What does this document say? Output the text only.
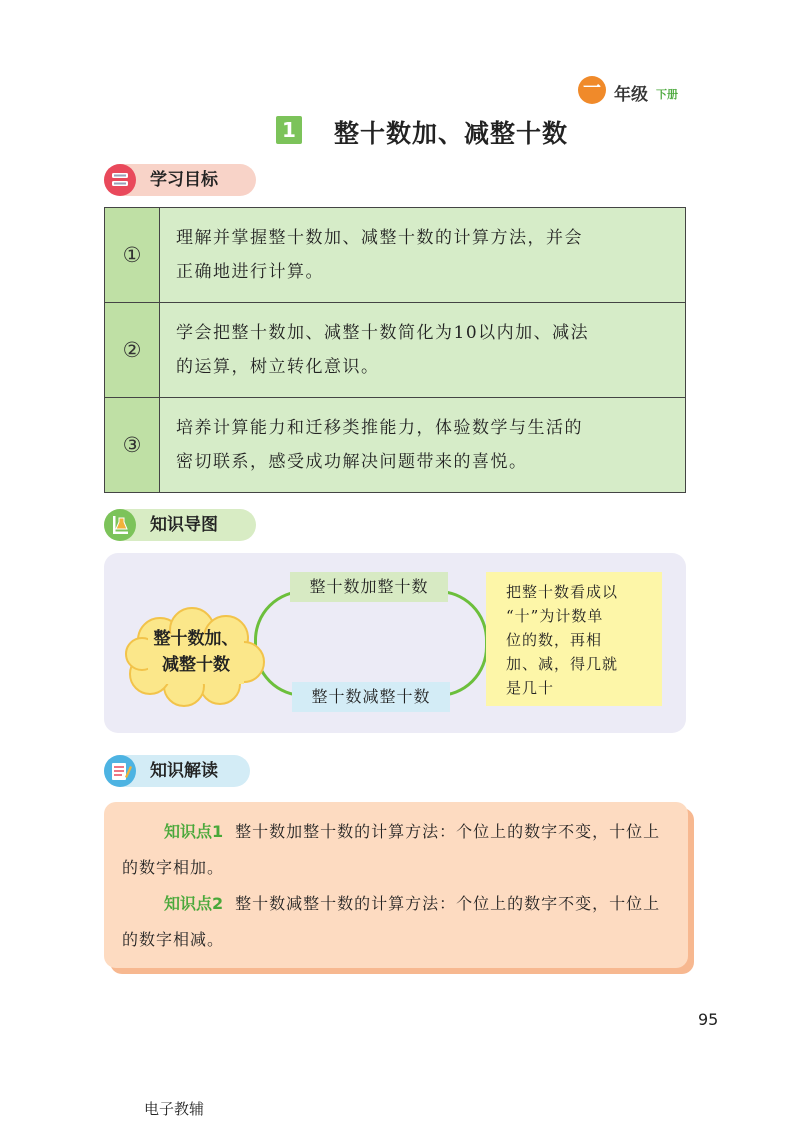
一 年级 下册
1 整十数加、减整十数
学习目标
①
理解并掌握整十数加、减整十数的计算方法，并会
正确地进行计算。
②
学会把整十数加、减整十数简化为10以内加、减法
的运算，树立转化意识。
③
培养计算能力和迁移类推能力，体验数学与生活的
密切联系，感受成功解决问题带来的喜悦。
知识导图
整十数加、
减整十数
整十数加整十数
整十数减整十数

把整十数看成以

“十”为计数单

位的数，再相

加、减，得几就

是几十

知识解读

知识点1 整十数加整十数的计算方法：个位上的数字不变，十位上的数字相加。

知识点2 整十数减整十数的计算方法：个位上的数字不变，十位上的数字相减。

95
电子教辅
